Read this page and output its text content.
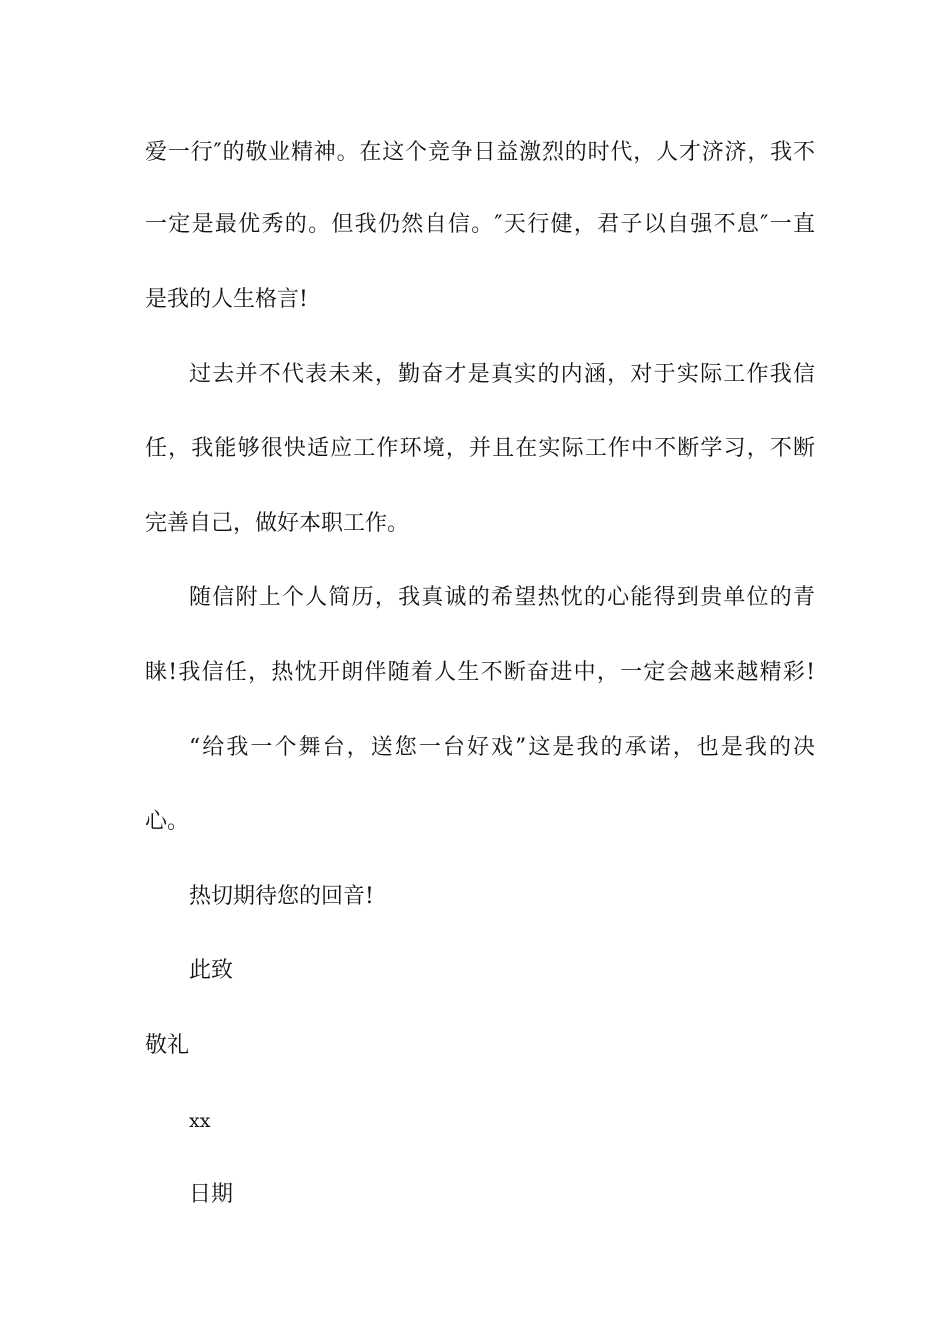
爱一行″的敬业精神。在这个竞争日益激烈的时代，人才济济，我不
一定是最优秀的。但我仍然自信。″天行健，君子以自强不息″一直
是我的人生格言!
过去并不代表未来，勤奋才是真实的内涵，对于实际工作我信
任，我能够很快适应工作环境，并且在实际工作中不断学习，不断
完善自己，做好本职工作。
随信附上个人简历，我真诚的希望热忱的心能得到贵单位的青
睐!我信任，热忱开朗伴随着人生不断奋进中，一定会越来越精彩!
“给我一个舞台，送您一台好戏”这是我的承诺，也是我的决
心。
热切期待您的回音!
此致
敬礼
xx
日期
